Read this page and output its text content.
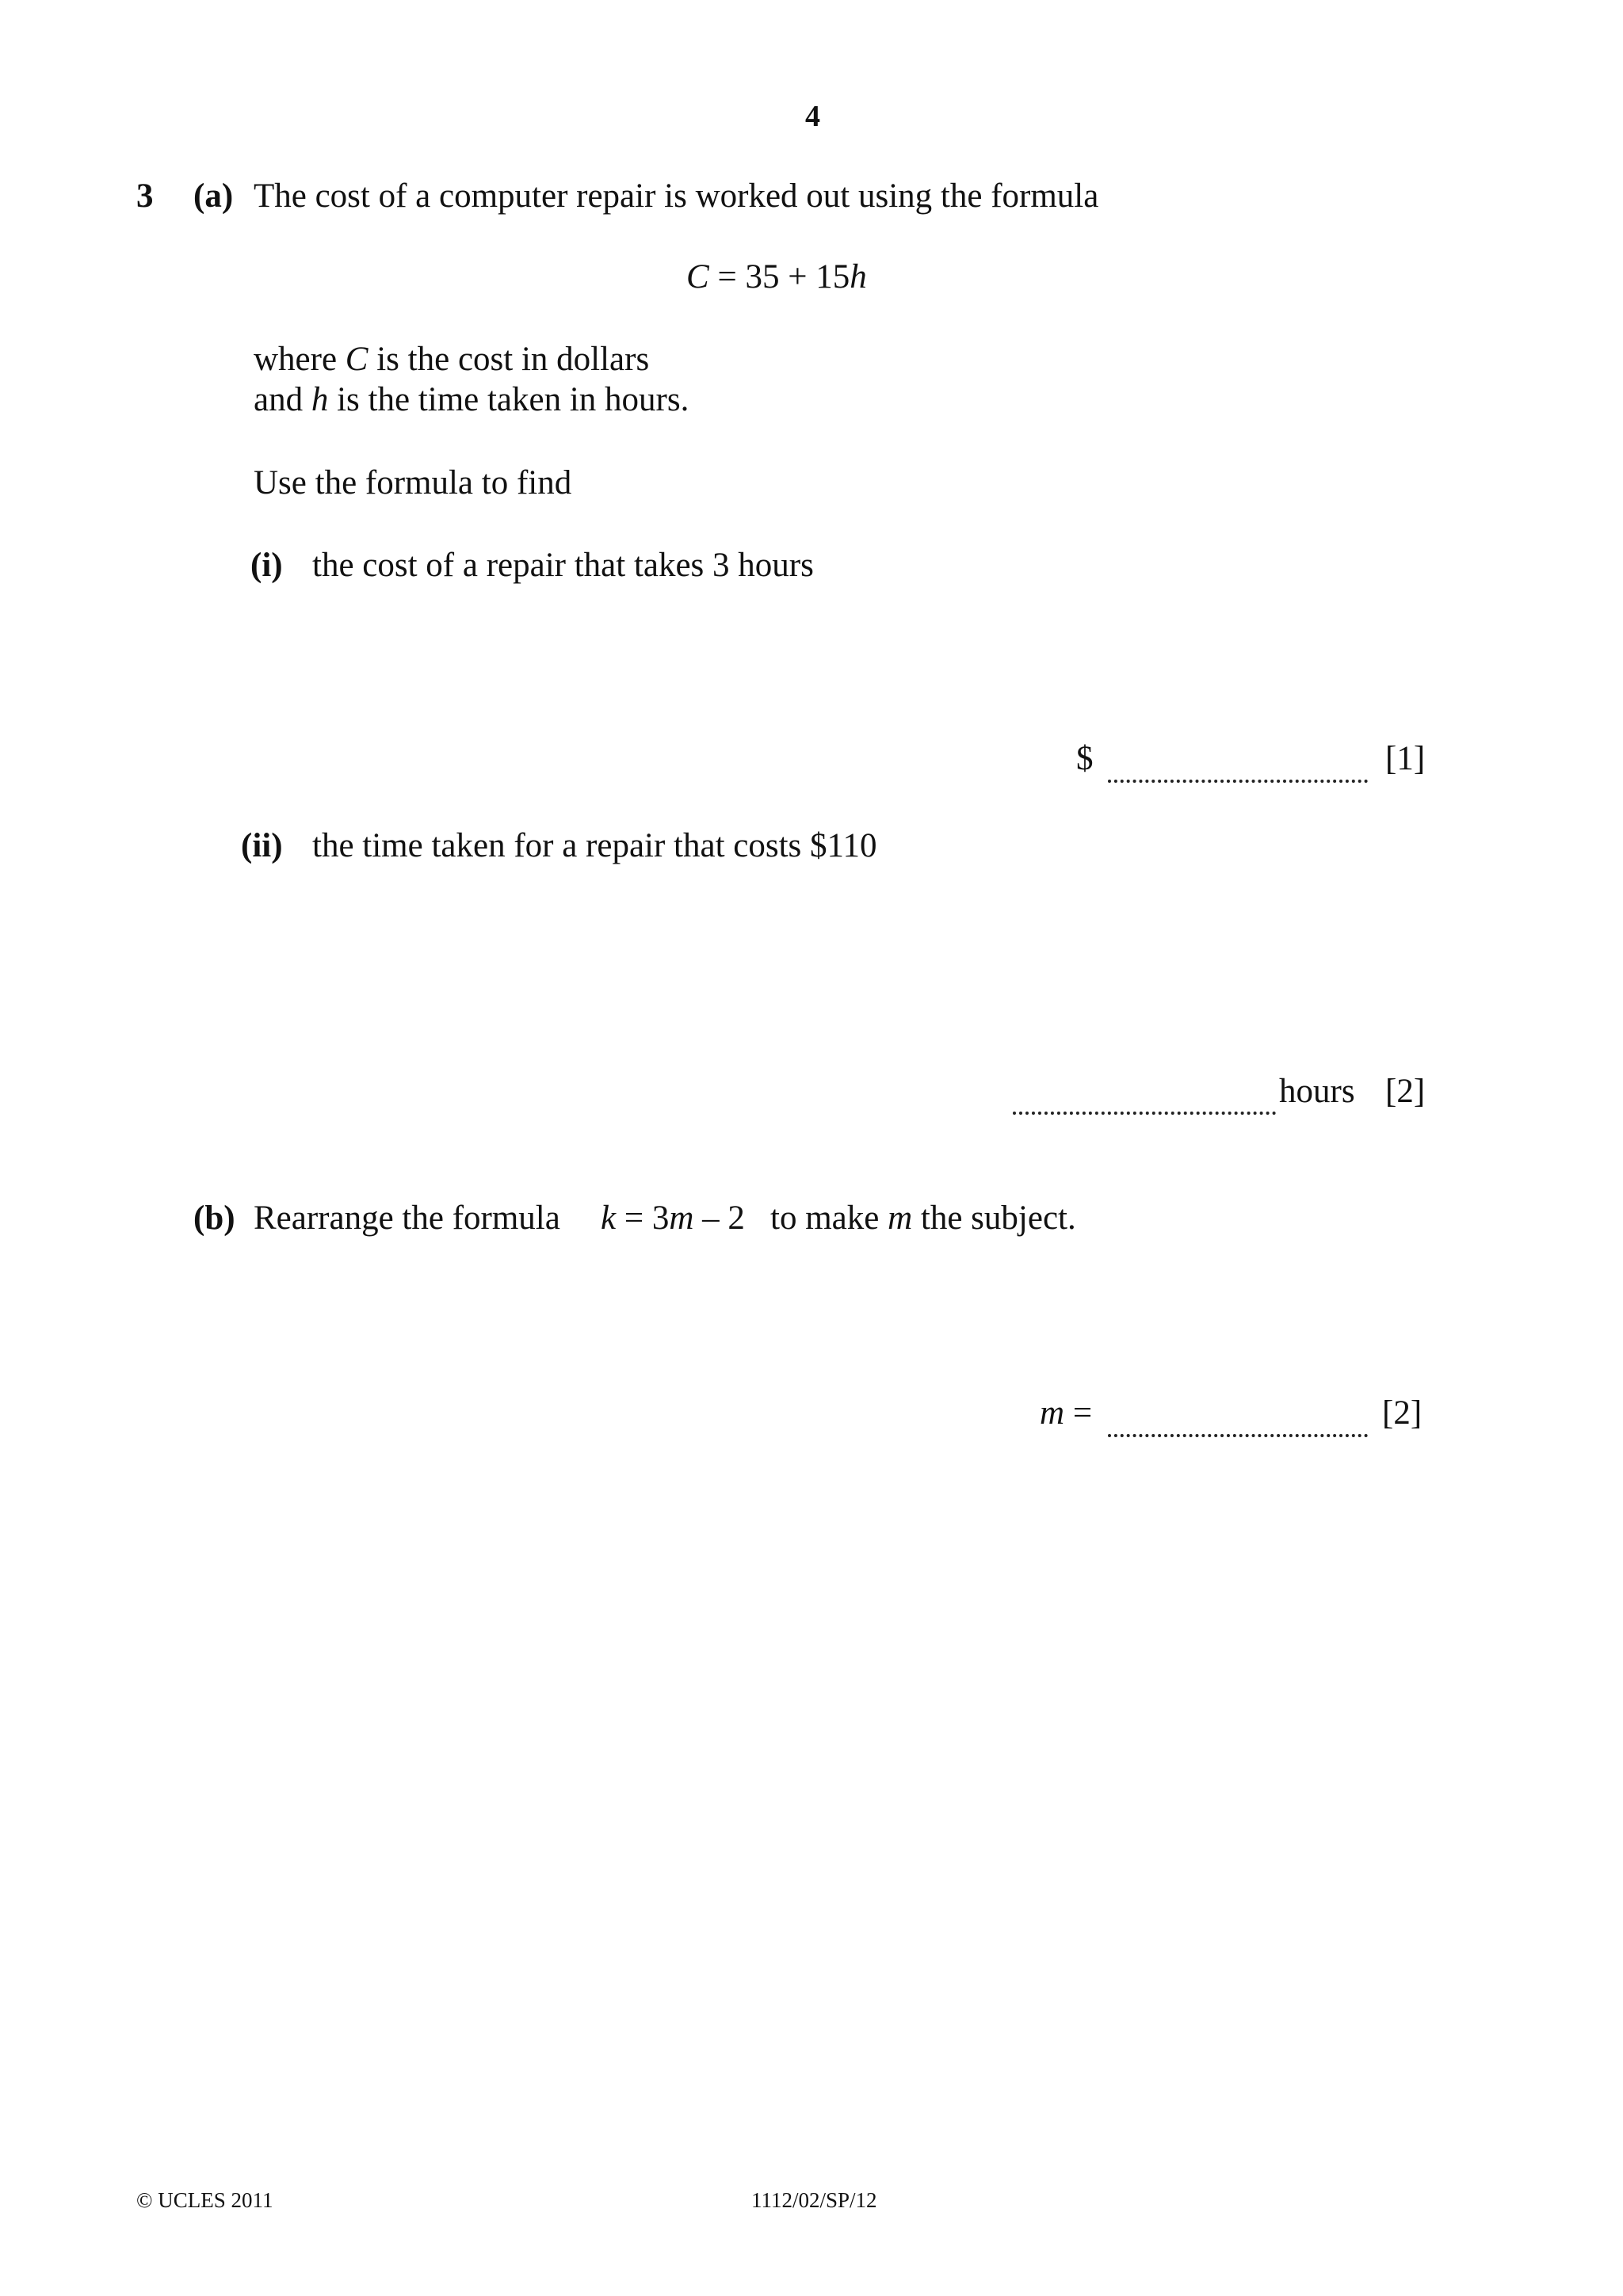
4
3 (a) The cost of a computer repair is worked out using the formula
C = 35 + 15h
where C is the cost in dollars
and h is the time taken in hours.
Use the formula to find
(i) the cost of a repair that takes 3 hours
$	[1]
(ii) the time taken for a repair that costs $110
hours [2]
(b) Rearrange the formula k = 3m – 2 to make m the subject.
m =	[2]
© UCLES 2011	1112/02/SP/12
